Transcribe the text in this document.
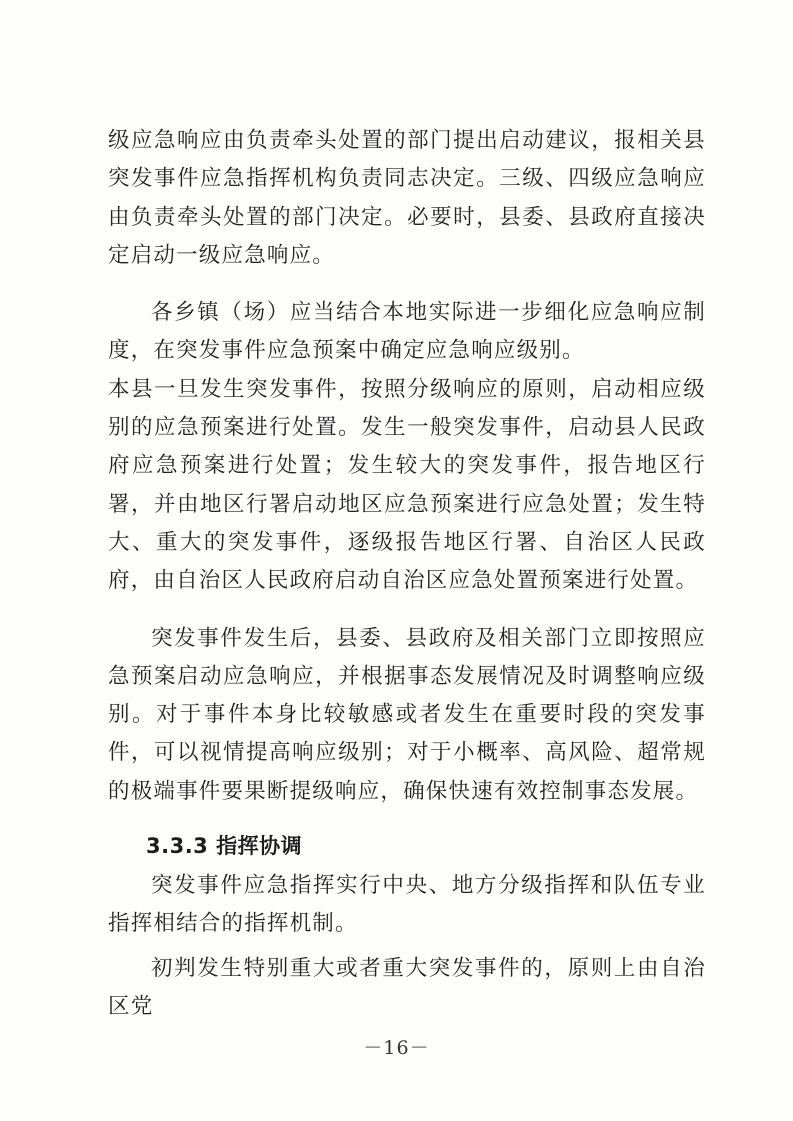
级应急响应由负责牵头处置的部门提出启动建议，报相关县突发事件应急指挥机构负责同志决定。三级、四级应急响应由负责牵头处置的部门决定。必要时，县委、县政府直接决定启动一级应急响应。

各乡镇（场）应当结合本地实际进一步细化应急响应制度，在突发事件应急预案中确定应急响应级别。

本县一旦发生突发事件，按照分级响应的原则，启动相应级别的应急预案进行处置。发生一般突发事件，启动县人民政府应急预案进行处置；发生较大的突发事件，报告地区行署，并由地区行署启动地区应急预案进行应急处置；发生特大、重大的突发事件，逐级报告地区行署、自治区人民政府，由自治区人民政府启动自治区应急处置预案进行处置。

突发事件发生后，县委、县政府及相关部门立即按照应急预案启动应急响应，并根据事态发展情况及时调整响应级别。对于事件本身比较敏感或者发生在重要时段的突发事件，可以视情提高响应级别；对于小概率、高风险、超常规的极端事件要果断提级响应，确保快速有效控制事态发展。

3.3.3 指挥协调

突发事件应急指挥实行中央、地方分级指挥和队伍专业指挥相结合的指挥机制。

初判发生特别重大或者重大突发事件的，原则上由自治区党

－16－
